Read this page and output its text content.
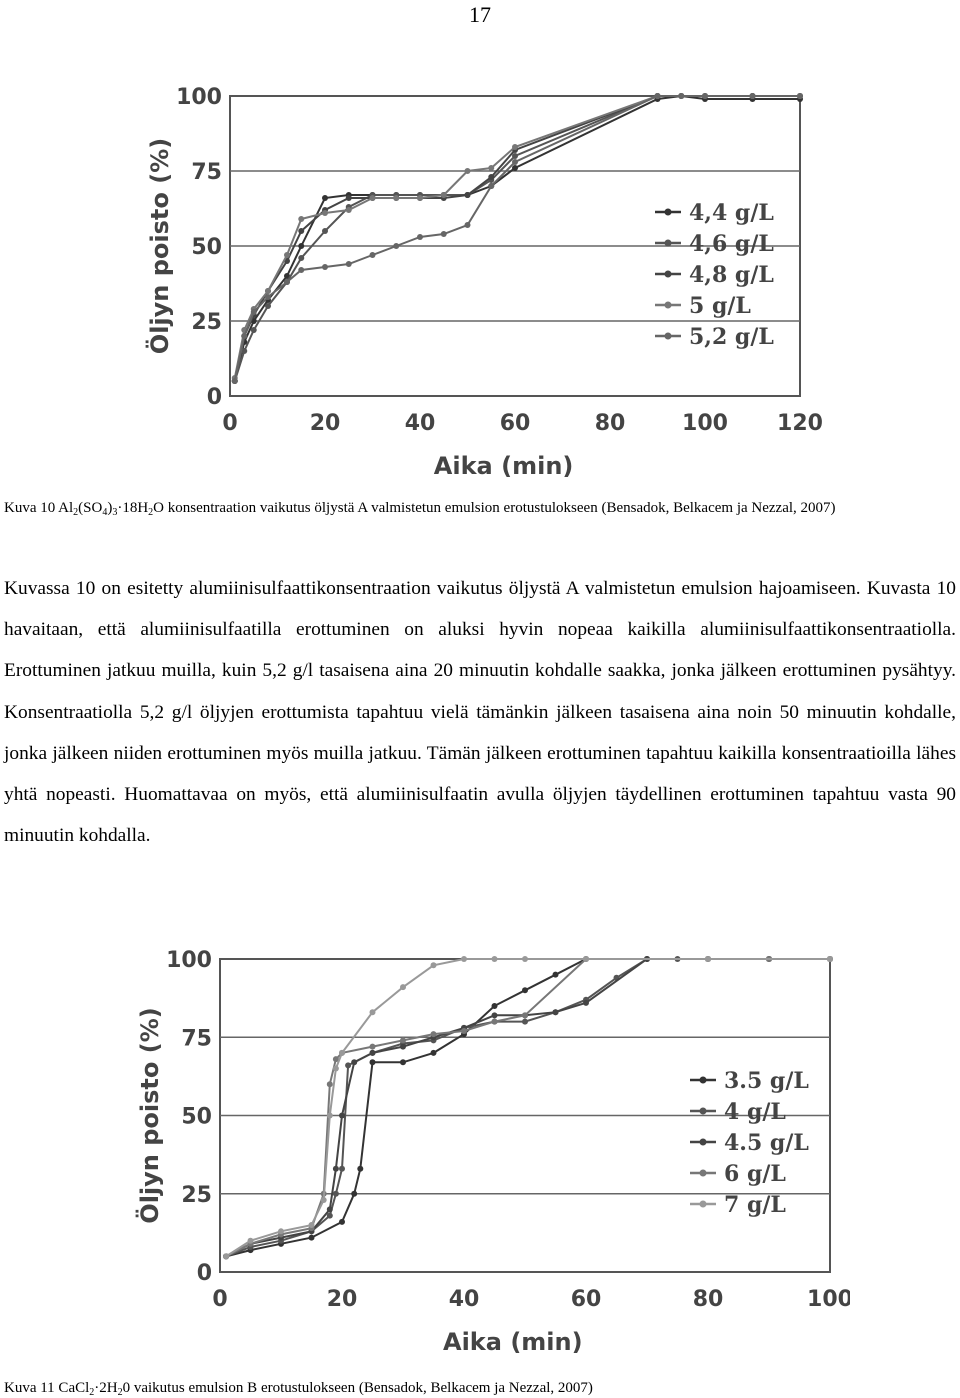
17
0
25
50
75
100
0	20	40	60	80	100 120
Aika (min)
Öljyn poisto (%)	4,4 g/L
4,6 g/L
4,8 g/L
5 g/L
5,2 g/L
Kuva 10 $Al_2(SO_4)_3\cdot 18H_2O$ konsentraation vaikutus öljystä A valmistetun emulsion erotustulokseen (Bensadok, Belkacem ja Nezzal, 2007)
Kuvassa 10 on esitetty alumiinisulfaattikonsentraation vaikutus öljystä A valmistetun emulsion hajoamiseen. Kuvasta 10 havaitaan, että alumiinisulfaatilla erottuminen on aluksi hyvin nopeaa kaikilla alumiinisulfaattikonsentraatiolla. Erottuminen jatkuu muilla, kuin 5,2 g/l tasaisena aina 20 minuutin kohdalle saakka, jonka jälkeen erottuminen pysähtyy. Konsentraatiolla 5,2 g/l öljyjen erottumista tapahtuu vielä tämänkin jälkeen tasaisena aina noin 50 minuutin kohdalle, jonka jälkeen niiden erottuminen myös muilla jatkuu. Tämän jälkeen erottuminen tapahtuu kaikilla konsentraatioilla lähes yhtä nopeasti. Huomattavaa on myös, että alumiinisulfaatin avulla öljyjen täydellinen erottuminen tapahtuu vasta 90 minuutin kohdalla.
0
25
50
75
100
0	20	40	60	80	100
Aika (min)
Öljyn poisto (%)	3.5 g/L
4 g/L
4.5 g/L
6 g/L
7 g/L
Kuva 11 $CaCl_2\cdot 2H_20$ vaikutus emulsion B erotustulokseen (Bensadok, Belkacem ja Nezzal, 2007)
